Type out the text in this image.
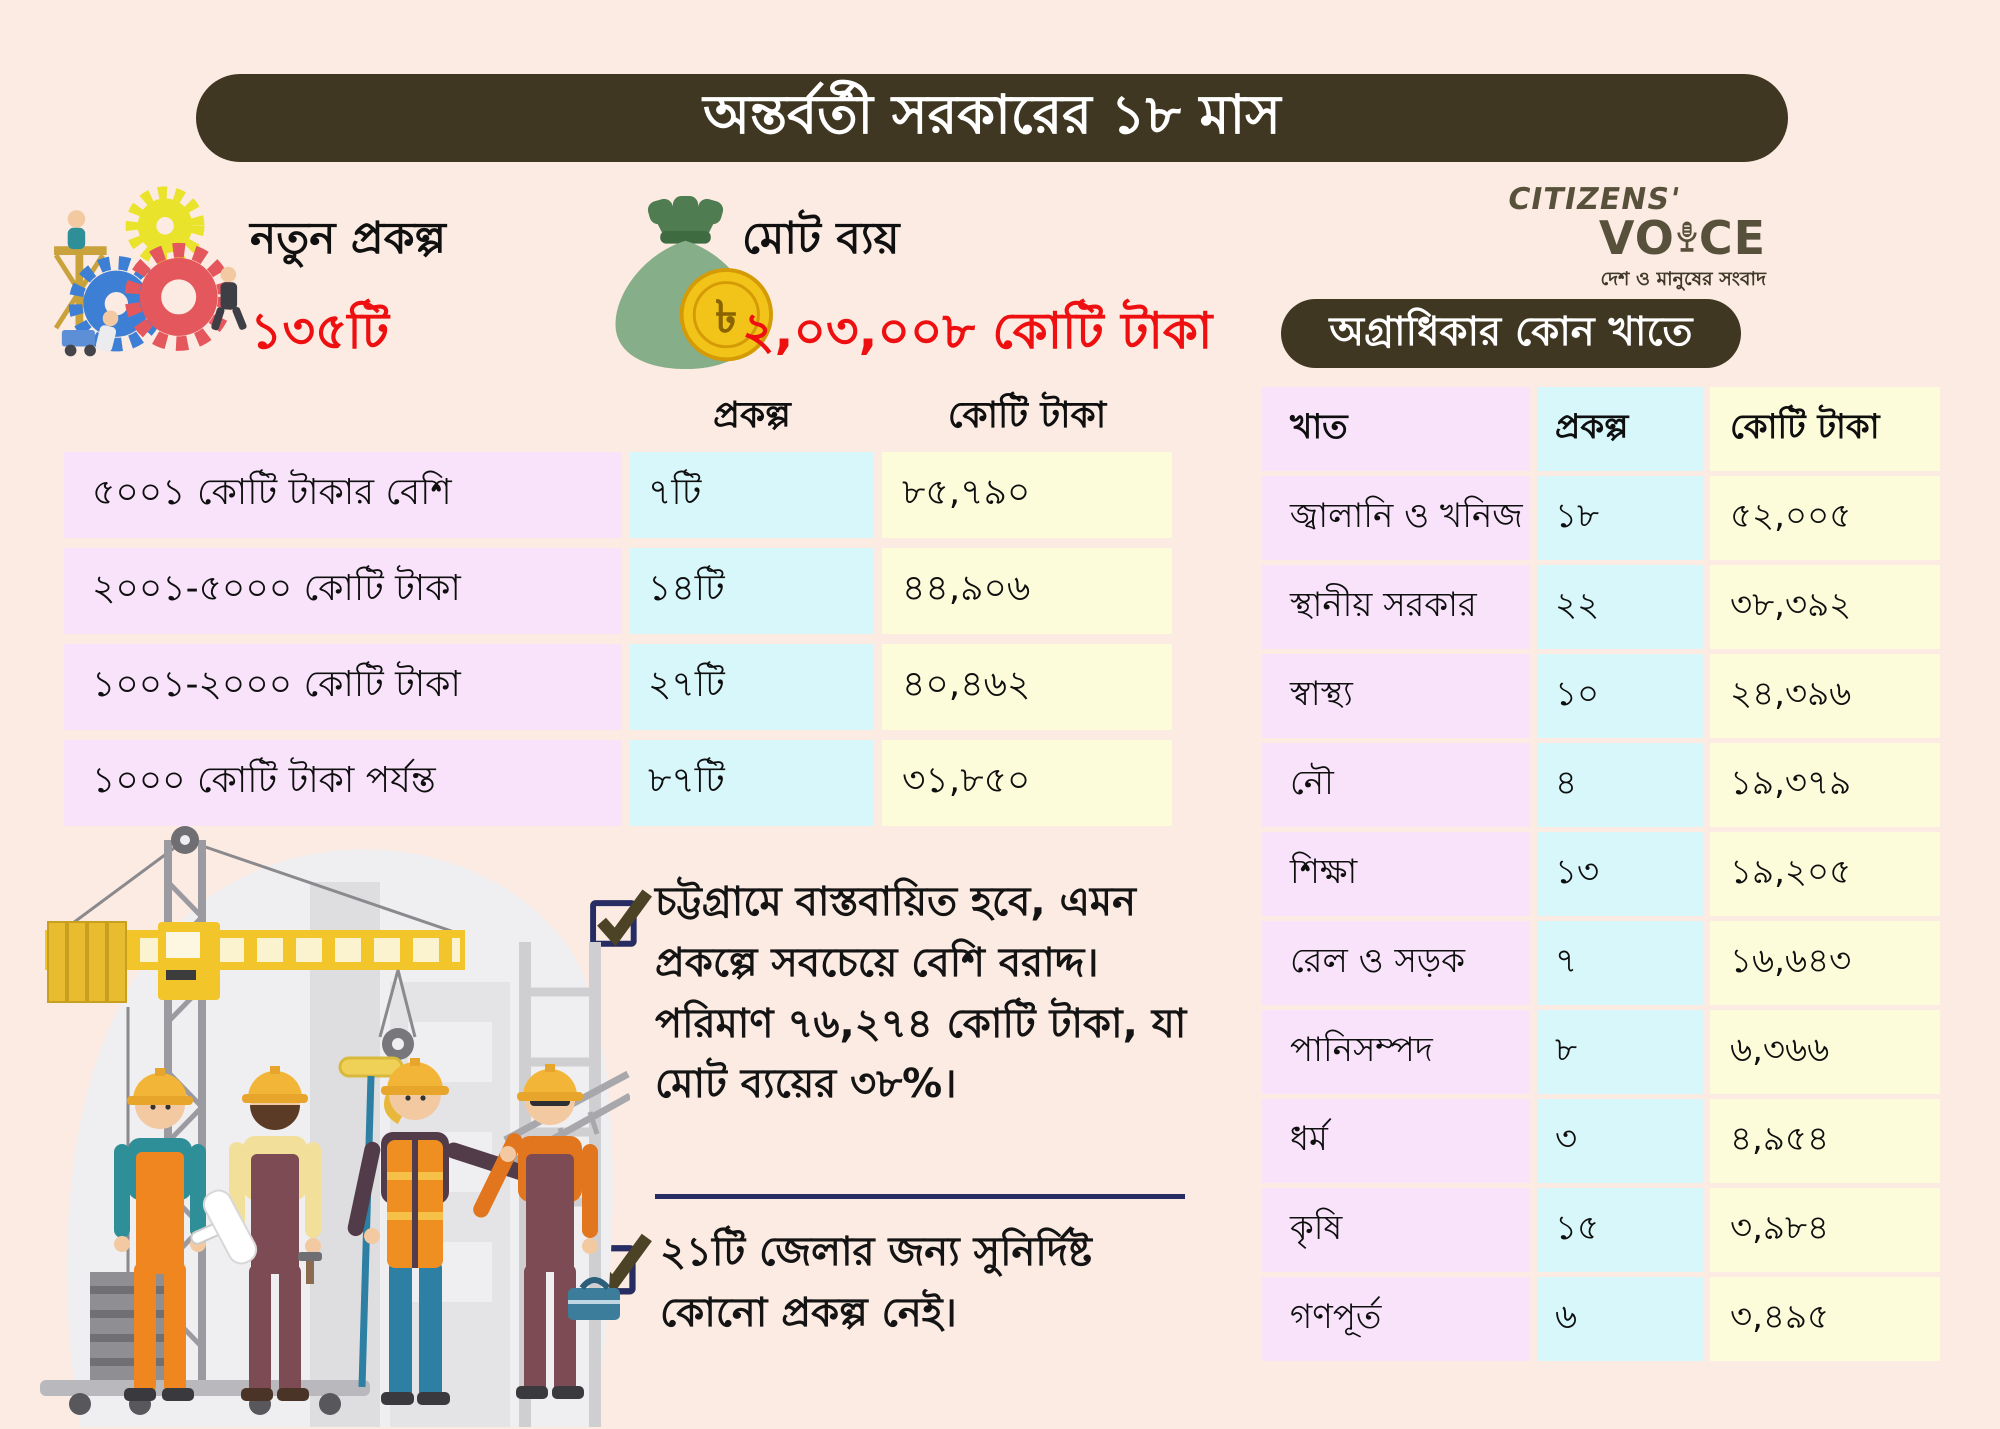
অন্তর্বর্তী সরকারের ১৮ মাস
নতুন প্রকল্প
১৩৫টি	৳
মোট ব্যয়
২,০৩,০০৮ কোটি টাকা
CITIZENS'
VO CE
দেশ ও মানুষের সংবাদ
প্রকল্প	কোটি টাকা
৫০০১ কোটি টাকার বেশি	৭টি	৮৫,৭৯০
২০০১-৫০০০ কোটি টাকা	১৪টি	৪৪,৯০৬
১০০১-২০০০ কোটি টাকা	২৭টি	৪০,৪৬২
১০০০ কোটি টাকা পর্যন্ত	৮৭টি	৩১,৮৫০
অগ্রাধিকার কোন খাতে
খাত	প্রকল্প	কোটি টাকা
জ্বালানি ও খনিজ ১৮	৫২,০০৫
স্থানীয় সরকার	২২	৩৮,৩৯২
স্বাস্থ্য	১০	২৪,৩৯৬
নৌ	৪	১৯,৩৭৯
শিক্ষা	১৩	১৯,২০৫
রেল ও সড়ক	৭	১৬,৬৪৩
পানিসম্পদ	৮	৬,৩৬৬
ধর্ম	৩	৪,৯৫৪
কৃষি	১৫	৩,৯৮৪
গণপূর্ত	৬	৩,৪৯৫
চট্টগ্রামে বাস্তবায়িত হবে, এমন প্রকল্পে সবচেয়ে বেশি বরাদ্দ। পরিমাণ ৭৬,২৭৪ কোটি টাকা, যা মোট ব্যয়ের ৩৮%।
২১টি জেলার জন্য সুনির্দিষ্ট কোনো প্রকল্প নেই।
